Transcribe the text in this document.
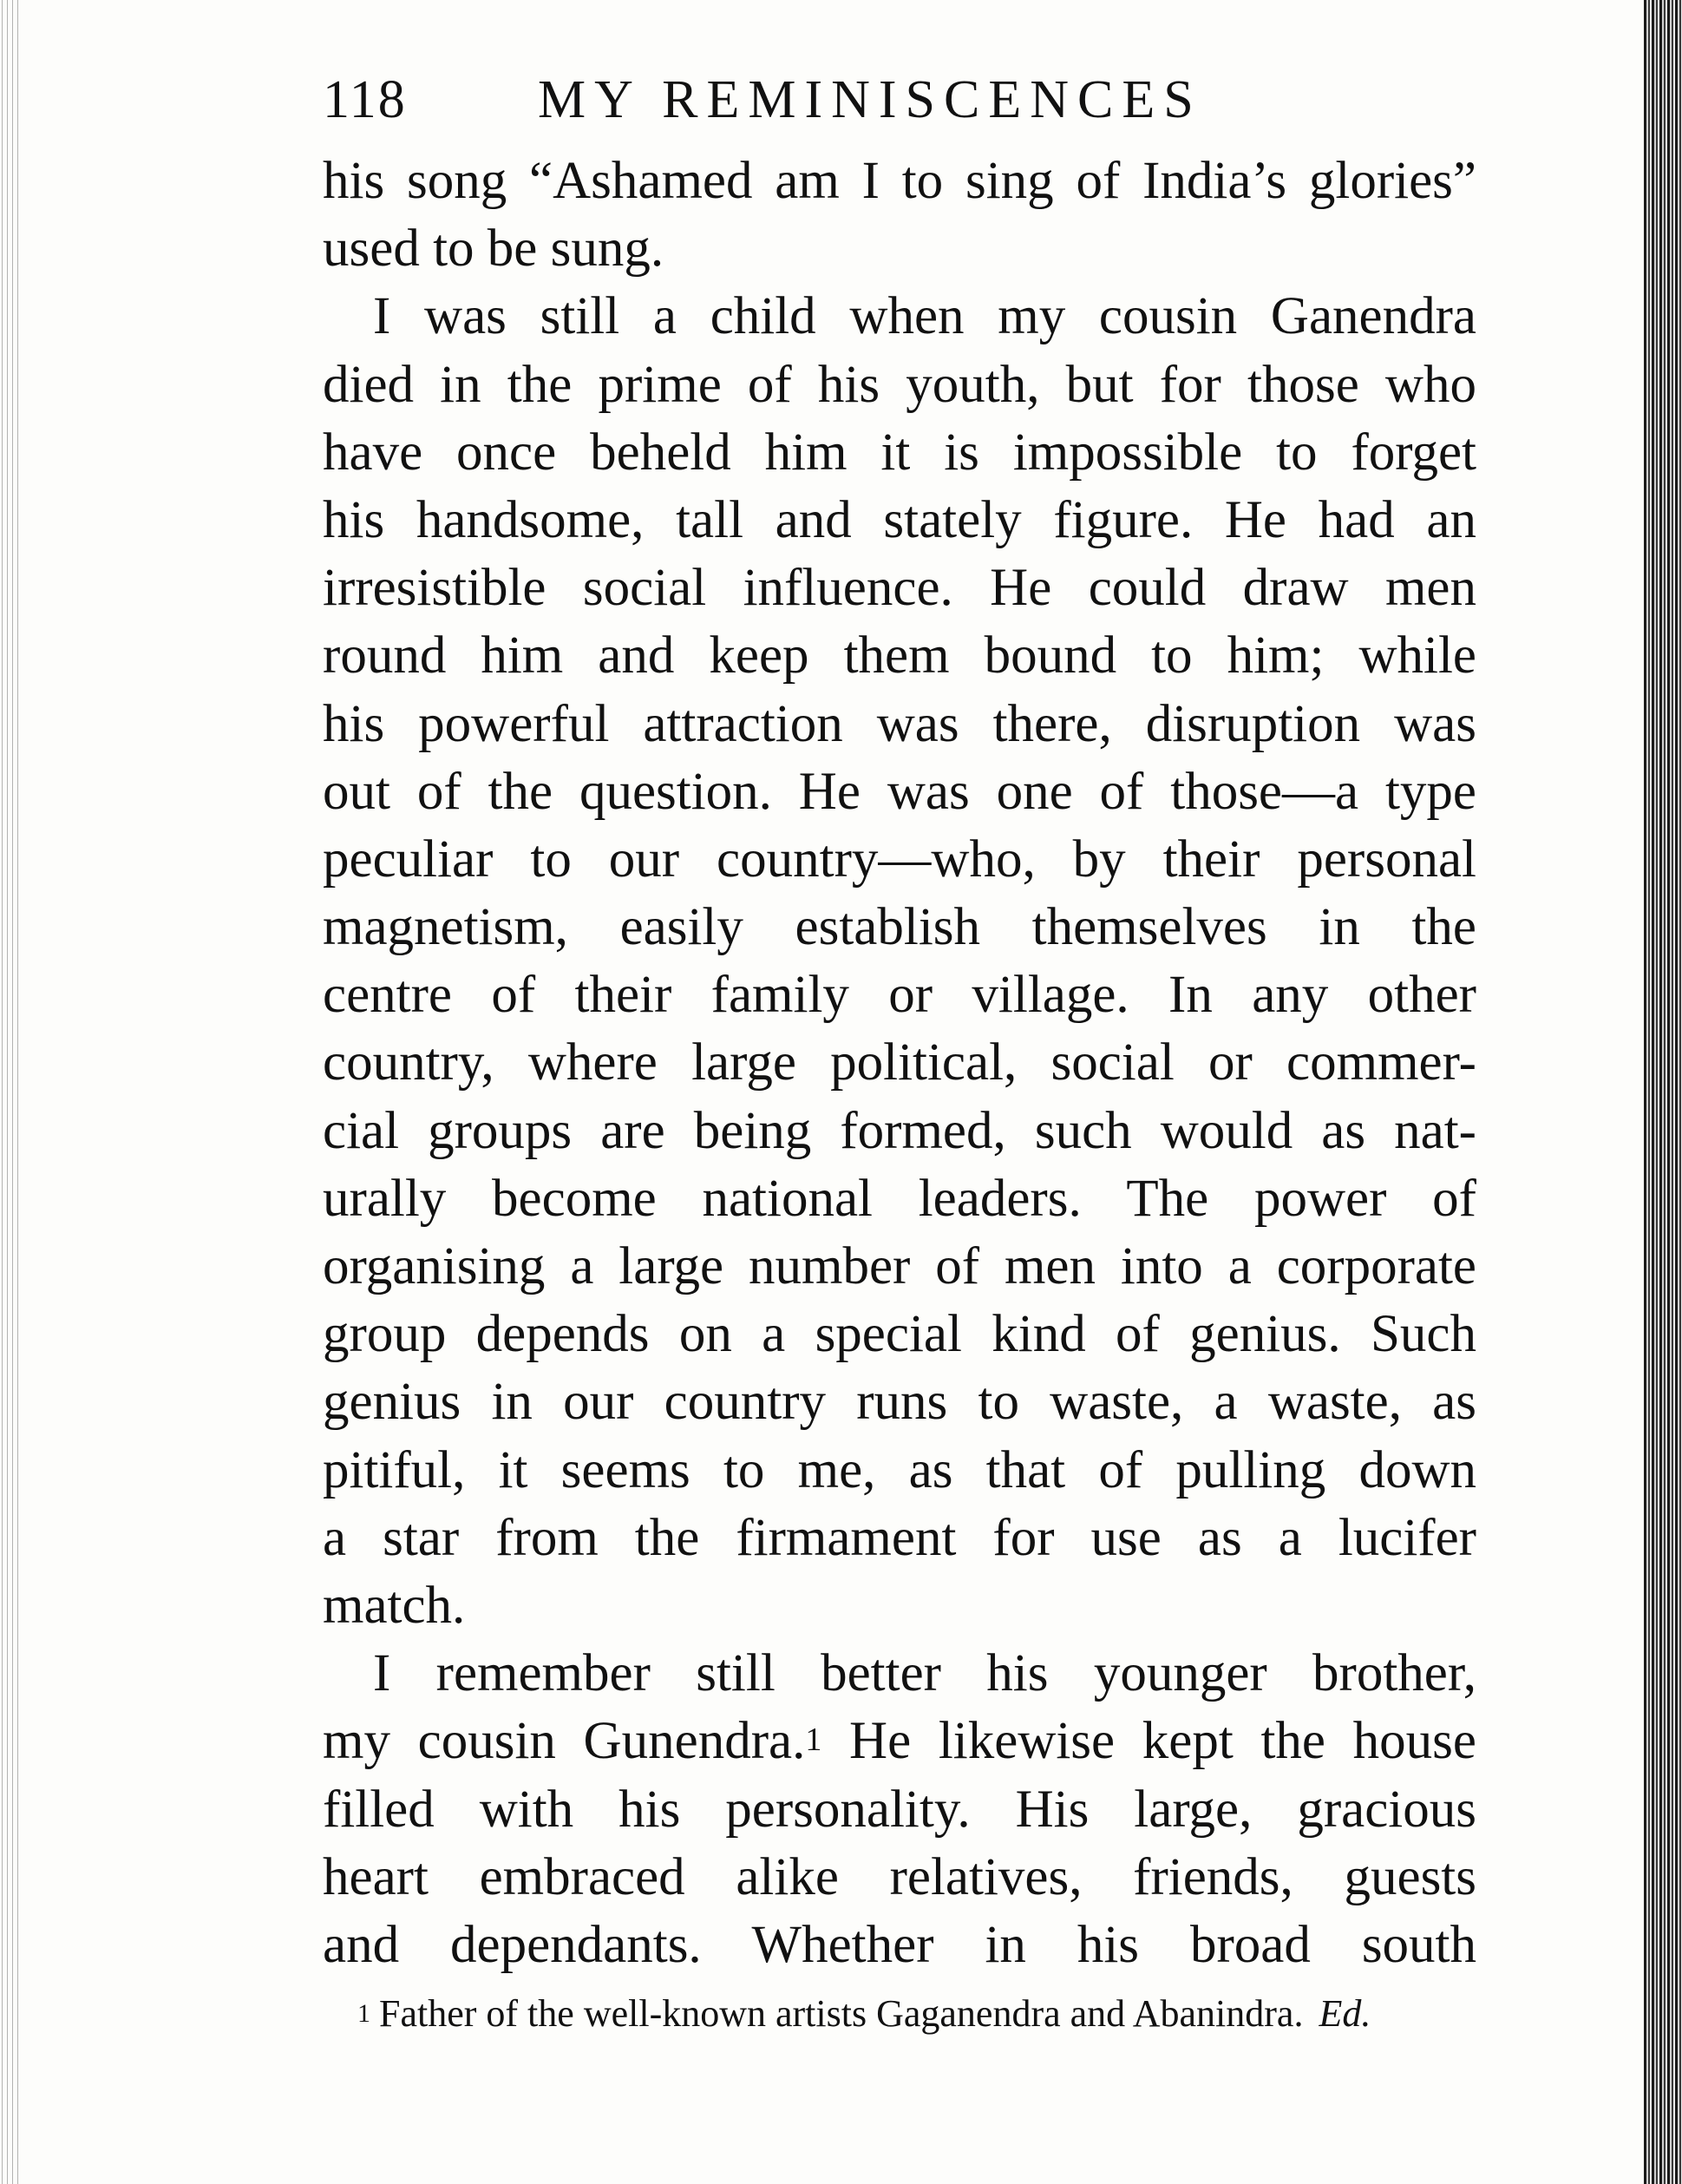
118 MY REMINISCENCES
his song “Ashamed am I to sing of India’s glories”
used to be sung.
I was still a child when my cousin Ganendra
died in the prime of his youth, but for those who
have once beheld him it is impossible to forget
his handsome, tall and stately figure. He had an
irresistible social influence. He could draw men
round him and keep them bound to him; while
his powerful attraction was there, disruption was
out of the question. He was one of those—a type
peculiar to our country—who, by their personal
magnetism, easily establish themselves in the
centre of their family or village. In any other
country, where large political, social or commer-
cial groups are being formed, such would as nat-
urally become national leaders. The power of
organising a large number of men into a corporate
group depends on a special kind of genius. Such
genius in our country runs to waste, a waste, as
pitiful, it seems to me, as that of pulling down
a star from the firmament for use as a lucifer
match.
I remember still better his younger brother,
my cousin Gunendra.$^1$ He likewise kept the house
filled with his personality. His large, gracious
heart embraced alike relatives, friends, guests
and dependants. Whether in his broad south
$^1$ Father of the well-known artists Gaganendra and Abanindra. Ed.
